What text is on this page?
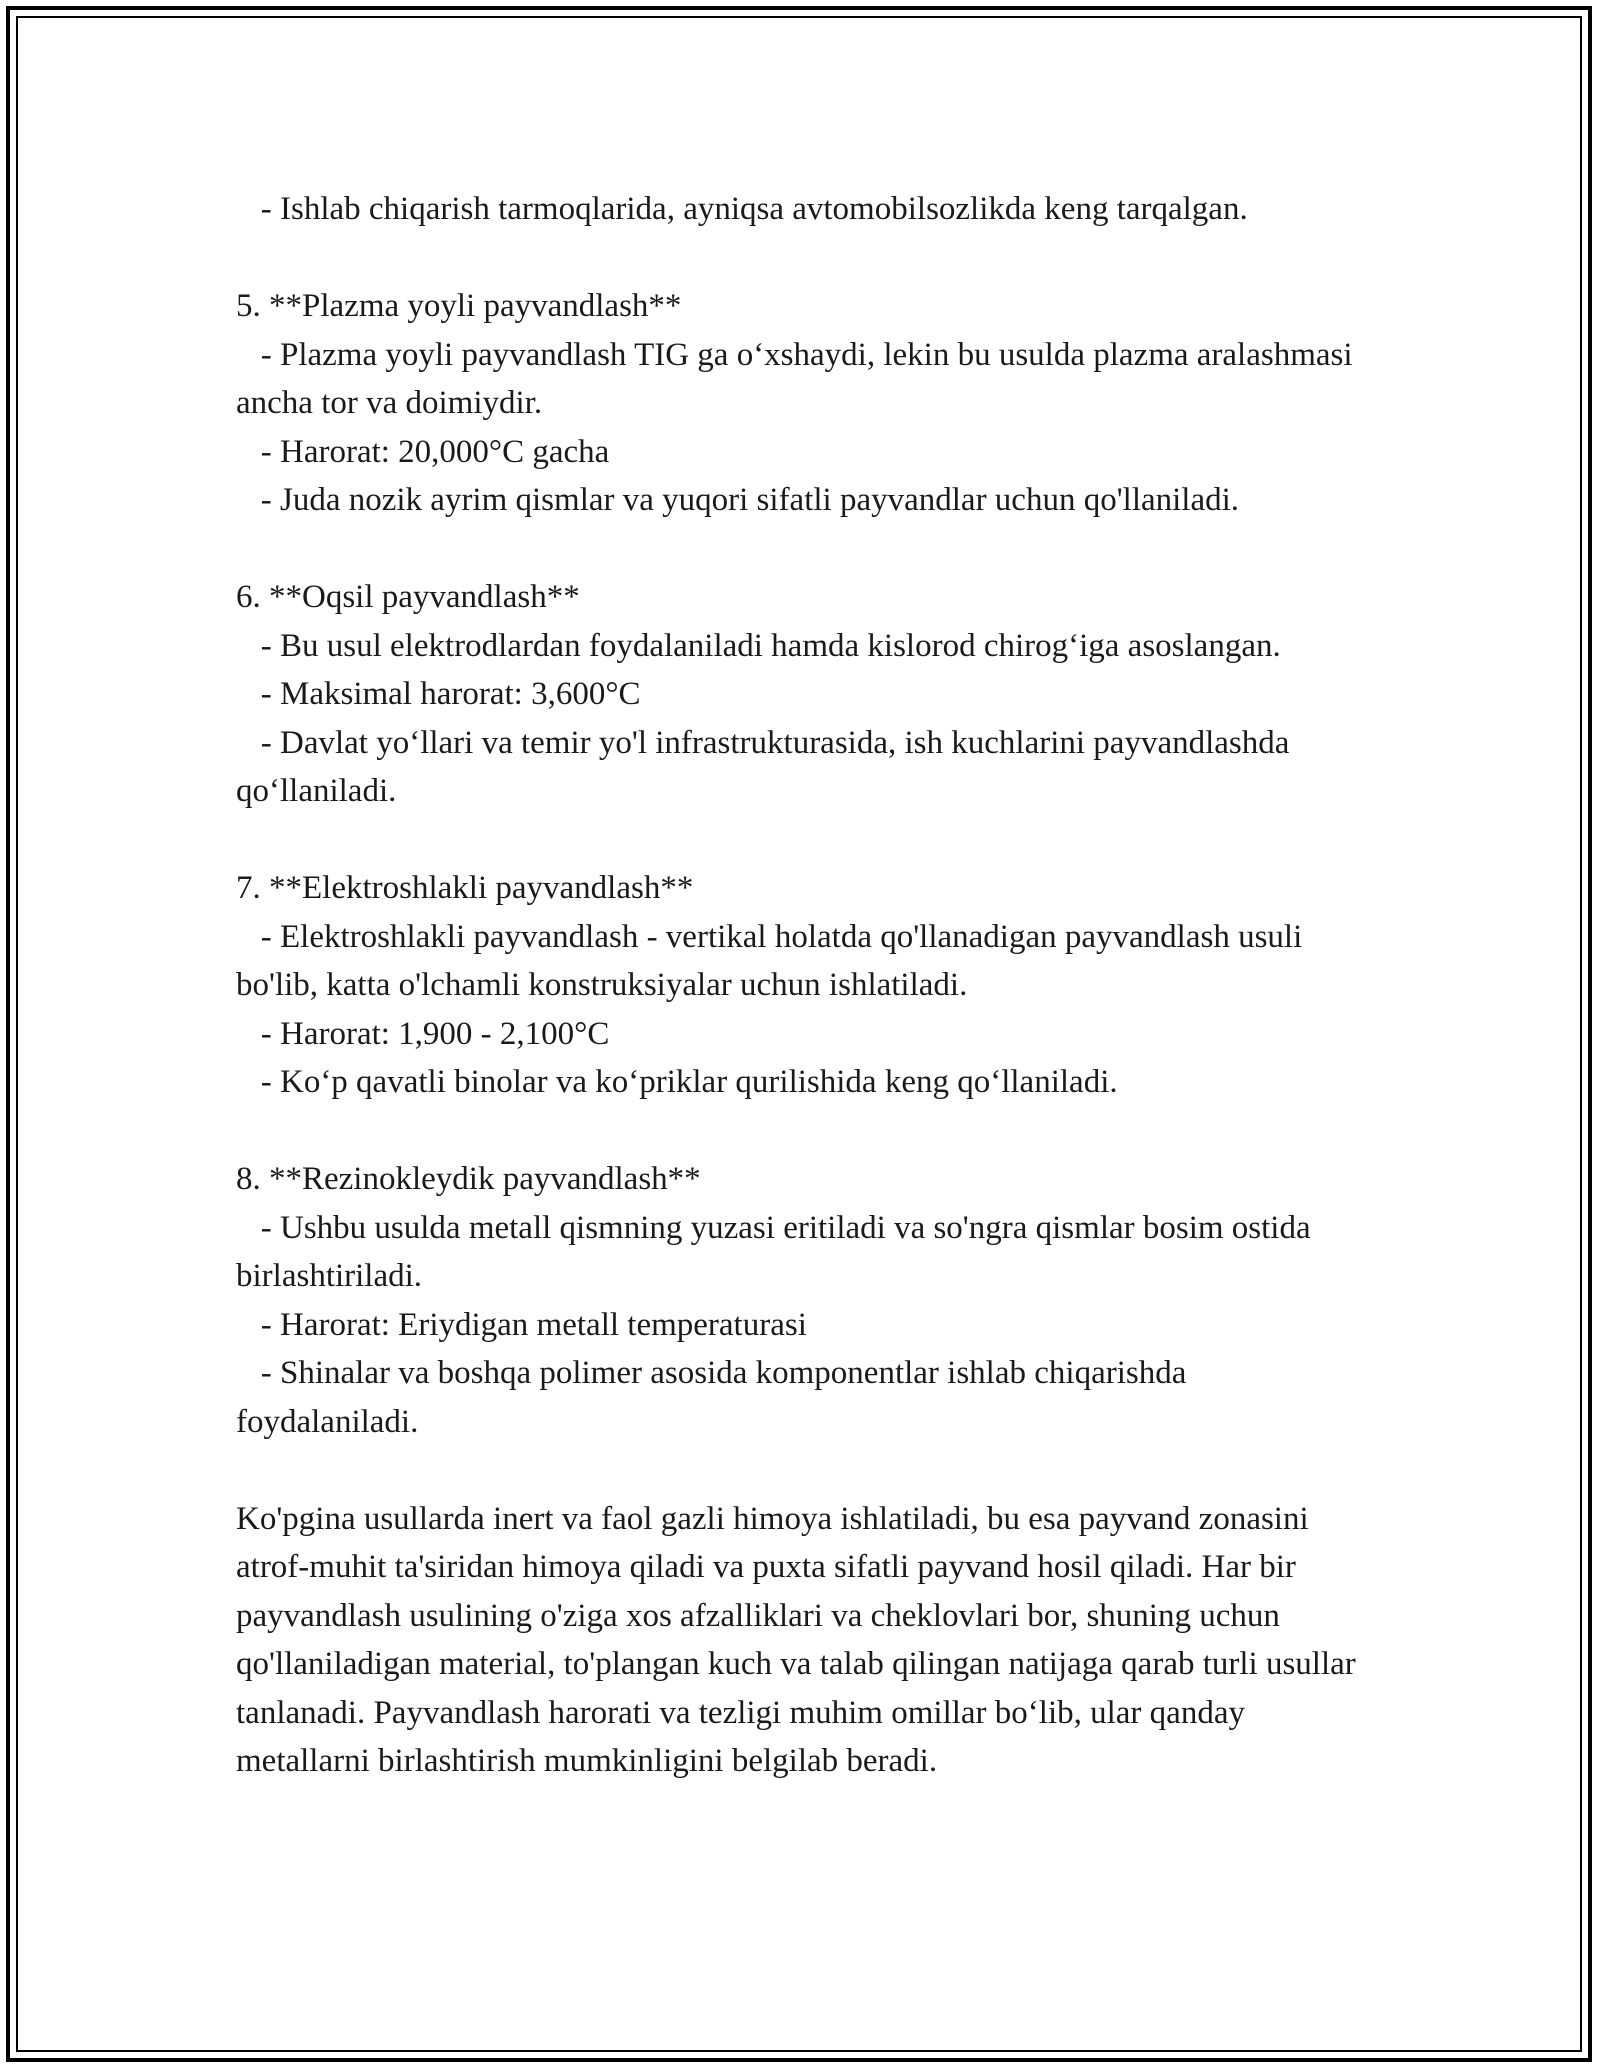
- Ishlab chiqarish tarmoqlarida, ayniqsa avtomobilsozlikda keng tarqalgan.

5. **Plazma yoyli payvandlash**

- Plazma yoyli payvandlash TIG ga o‘xshaydi, lekin bu usulda plazma aralashmasi ancha tor va doimiydir.

- Harorat: 20,000°C gacha

- Juda nozik ayrim qismlar va yuqori sifatli payvandlar uchun qo'llaniladi.

6. **Oqsil payvandlash**

- Bu usul elektrodlardan foydalaniladi hamda kislorod chirog‘iga asoslangan.

- Maksimal harorat: 3,600°C

- Davlat yo‘llari va temir yo'l infrastrukturasida, ish kuchlarini payvandlashda qo‘llaniladi.

7. **Elektroshlakli payvandlash**

- Elektroshlakli payvandlash - vertikal holatda qo'llanadigan payvandlash usuli bo'lib, katta o'lchamli konstruksiyalar uchun ishlatiladi.

- Harorat: 1,900 - 2,100°C

- Ko‘p qavatli binolar va ko‘priklar qurilishida keng qo‘llaniladi.

8. **Rezinokleydik payvandlash**

- Ushbu usulda metall qismning yuzasi eritiladi va so'ngra qismlar bosim ostida birlashtiriladi.

- Harorat: Eriydigan metall temperaturasi

- Shinalar va boshqa polimer asosida komponentlar ishlab chiqarishda foydalaniladi.

Ko'pgina usullarda inert va faol gazli himoya ishlatiladi, bu esa payvand zonasini atrof-muhit ta'siridan himoya qiladi va puxta sifatli payvand hosil qiladi. Har bir payvandlash usulining o'ziga xos afzalliklari va cheklovlari bor, shuning uchun qo'llaniladigan material, to'plangan kuch va talab qilingan natijaga qarab turli usullar tanlanadi. Payvandlash harorati va tezligi muhim omillar bo‘lib, ular qanday metallarni birlashtirish mumkinligini belgilab beradi.
